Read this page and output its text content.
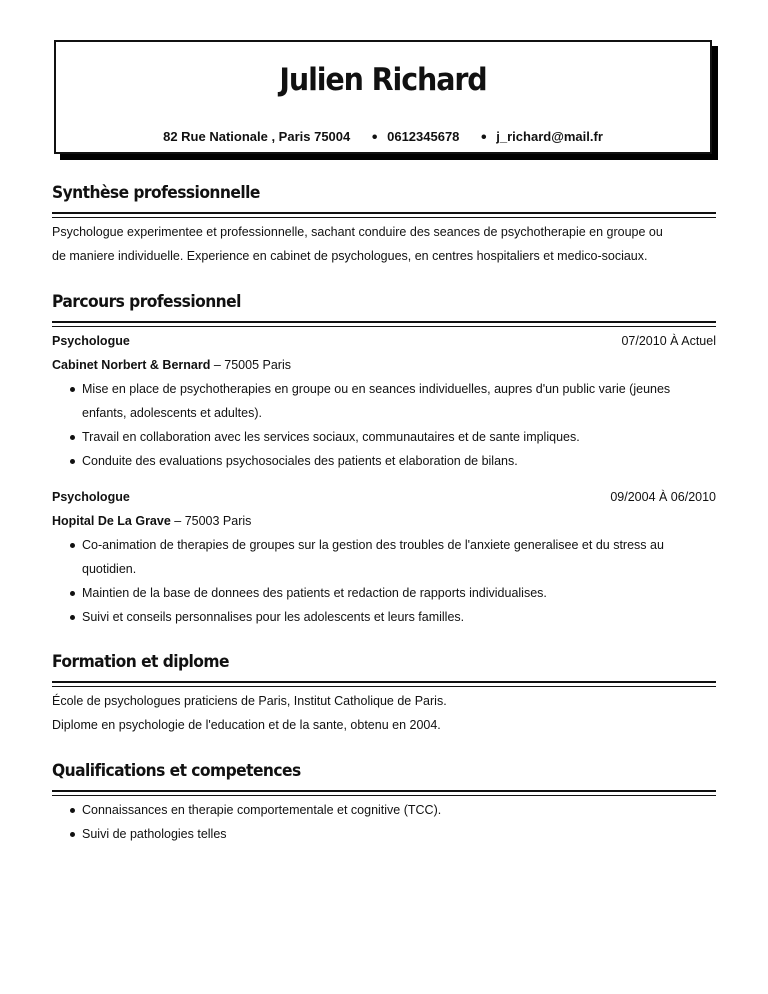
Julien Richard
82 Rue Nationale , Paris 75004 • 0612345678 • j_richard@mail.fr
Synthèse professionnelle
Psychologue experimentee et professionnelle, sachant conduire des seances de psychotherapie en groupe ou
de maniere individuelle. Experience en cabinet de psychologues, en centres hospitaliers et medico-sociaux.
Parcours professionnel
Psychologue	07/2010 À Actuel
Cabinet Norbert & Bernard – 75005 Paris
Mise en place de psychotherapies en groupe ou en seances individuelles, aupres d'un public varie (jeunes
enfants, adolescents et adultes).
Travail en collaboration avec les services sociaux, communautaires et de sante impliques.
Conduite des evaluations psychosociales des patients et elaboration de bilans.
Psychologue	09/2004 À 06/2010
Hopital De La Grave – 75003 Paris
Co-animation de therapies de groupes sur la gestion des troubles de l'anxiete generalisee et du stress au
quotidien.
Maintien de la base de donnees des patients et redaction de rapports individualises.
Suivi et conseils personnalises pour les adolescents et leurs familles.
Formation et diplome
École de psychologues praticiens de Paris, Institut Catholique de Paris.
Diplome en psychologie de l'education et de la sante, obtenu en 2004.
Qualifications et competences
Connaissances en therapie comportementale et cognitive (TCC).
Suivi de pathologies telles
